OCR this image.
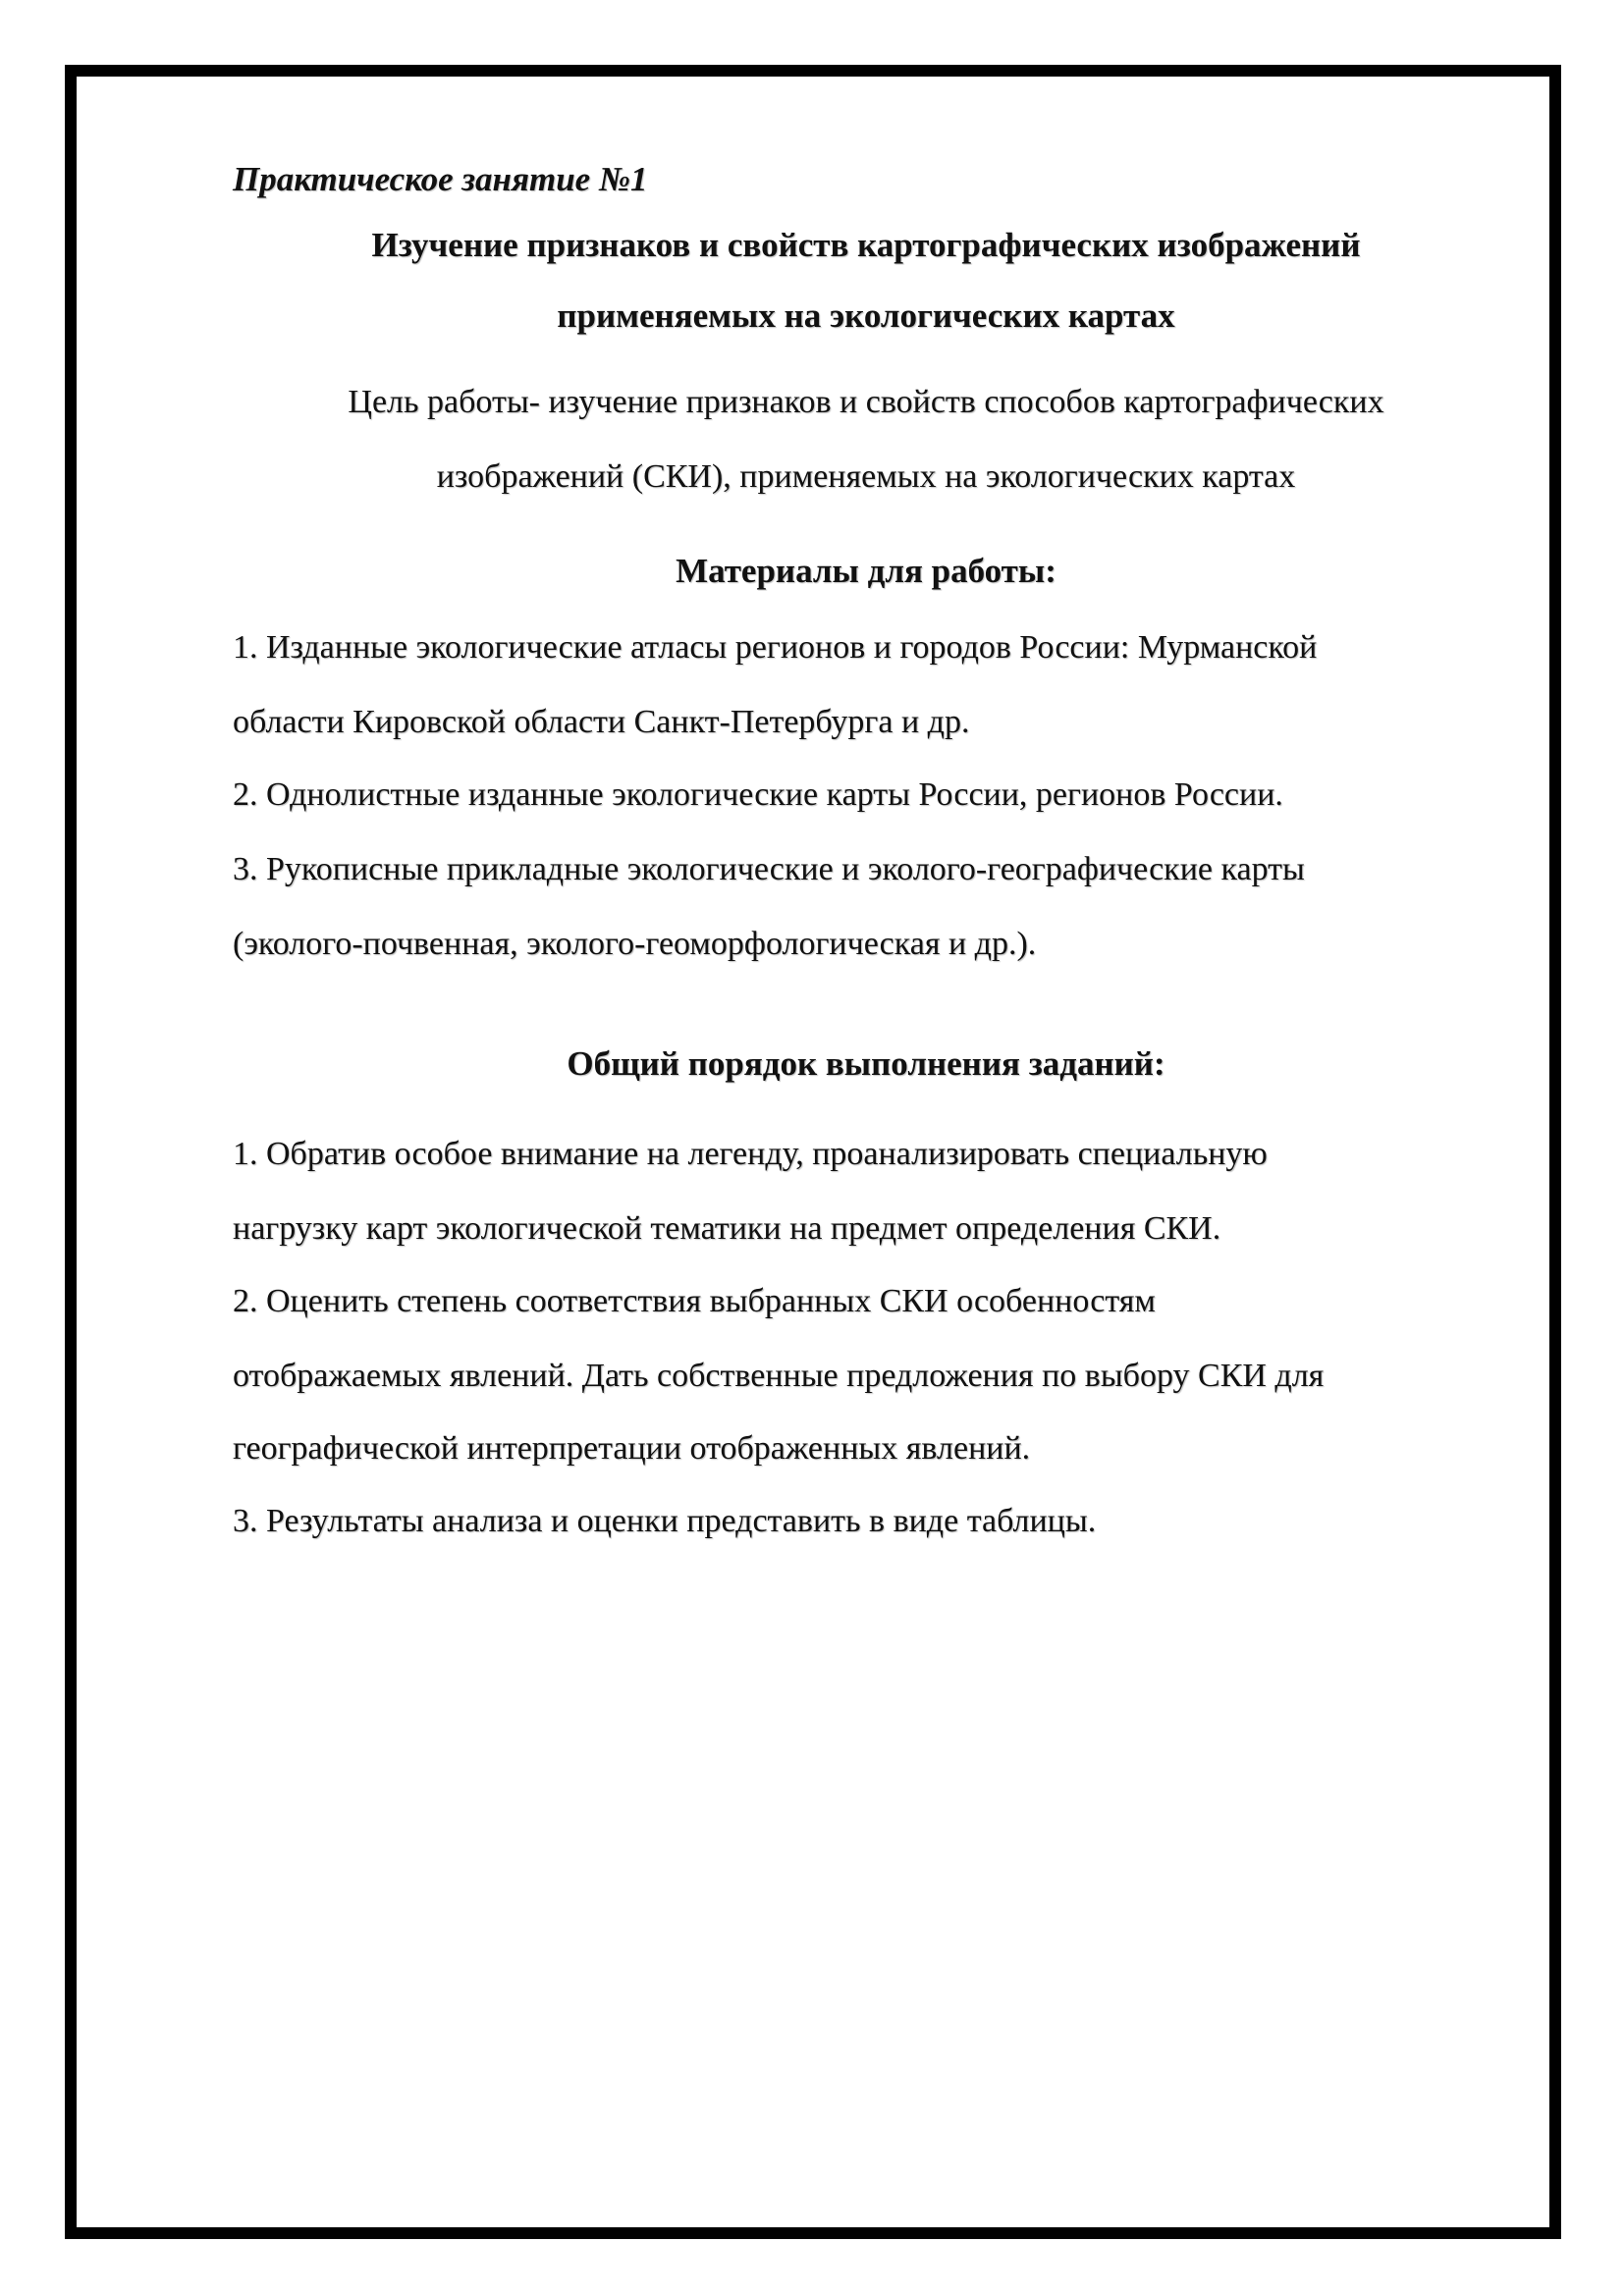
Практическое занятие №1
Изучение признаков и свойств картографических изображений
применяемых на экологических картах
Цель работы- изучение признаков и свойств способов картографических
изображений (СКИ), применяемых на экологических картах
Материалы для работы:
1. Изданные экологические атласы регионов и городов России: Мурманской
области Кировской области Санкт-Петербурга и др.
2. Однолистные изданные экологические карты России, регионов России.
3. Рукописные прикладные экологические и эколого-географические карты
(эколого-почвенная, эколого-геоморфологическая и др.).
Общий порядок выполнения заданий:
1. Обратив особое внимание на легенду, проанализировать специальную
нагрузку карт экологической тематики на предмет определения СКИ.
2. Оценить степень соответствия выбранных СКИ особенностям
отображаемых явлений. Дать собственные предложения по выбору СКИ для
географической интерпретации отображенных явлений.
3. Результаты анализа и оценки представить в виде таблицы.
